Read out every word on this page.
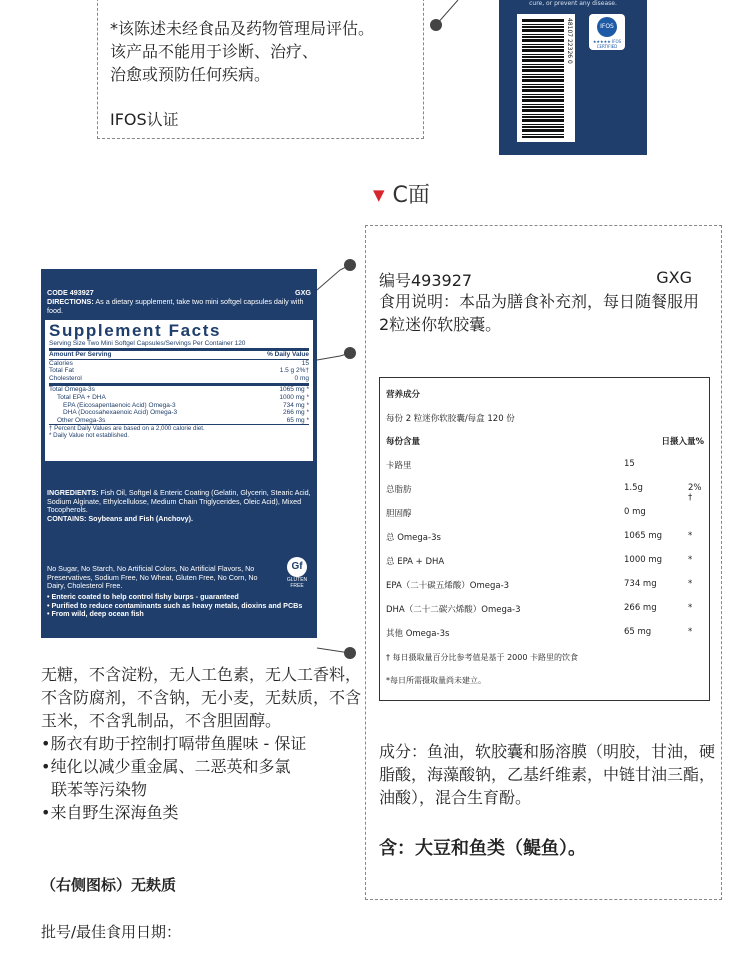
*该陈述未经食品及药物管理局评估。

该产品不能用于诊断、治疗、

治愈或预防任何疾病。

IFOS认证

cure, or prevent any disease.
48107 22326 0	IFOS
★★★★★ IFOS CERTIFIED
▼ C面
CODE 493927	GXG
DIRECTIONS: As a dietary supplement, take two mini softgel capsules daily with food.
Supplement Facts
Serving Size Two Mini Softgel Capsules/Servings Per Container 120
Amount Per Serving	% Daily Value
Calories	15
Total Fat	1.5 g 2%†
Cholesterol	0 mg
Total Omega-3s	1065 mg *
Total EPA + DHA	1000 mg *
EPA (Eicosapentaenoic Acid) Omega-3	734 mg *
DHA (Docosahexaenoic Acid) Omega-3	266 mg *
Other Omega-3s	65 mg *
† Percent Daily Values are based on a 2,000 calorie diet.
* Daily Value not established.
INGREDIENTS: Fish Oil, Softgel & Enteric Coating (Gelatin, Glycerin, Stearic Acid, Sodium Alginate, Ethylcellulose, Medium Chain Triglycerides, Oleic Acid), Mixed Tocopherols.
CONTAINS: Soybeans and Fish (Anchovy).
No Sugar, No Starch, No Artificial Colors, No Artificial Flavors, No Preservatives, Sodium Free, No Wheat, Gluten Free, No Corn, No Dairy, Cholesterol Free.
Gf
GLUTEN FREE
• Enteric coated to help control fishy burps - guaranteed
• Purified to reduce contaminants such as heavy metals, dioxins and PCBs
• From wild, deep ocean fish

无糖，不含淀粉，无人工色素，无人工香料，不含防腐剂，不含钠，无小麦，无麸质，不含玉米，不含乳制品，不含胆固醇。

•肠衣有助于控制打嗝带鱼腥味 - 保证

•纯化以减少重金属、二恶英和多氯

联苯等污染物

•来自野生深海鱼类

（右侧图标）无麸质
批号/最佳食用日期：
编号493927	GXG
食用说明：本品为膳食补充剂，每日随餐服用2粒迷你软胶囊。
营养成分
每份 2 粒迷你软胶囊/每盒 120 份
每份含量	日摄入量%
卡路里	15
总脂肪	1.5g	2% †
胆固醇	0 mg
总 Omega-3s	1065 mg	*
总 EPA + DHA	1000 mg	*
EPA（二十碳五烯酸）Omega-3	734 mg	*
DHA（二十二碳六烯酸）Omega-3	266 mg	*
其他 Omega-3s	65 mg	*
† 每日摄取量百分比参考值是基于 2000 卡路里的饮食
*每日所需摄取量尚未建立。
成分：鱼油，软胶囊和肠溶膜（明胶，甘油，硬脂酸，海藻酸钠，乙基纤维素，中链甘油三酯，油酸），混合生育酚。
含：大豆和鱼类（鳀鱼）。
